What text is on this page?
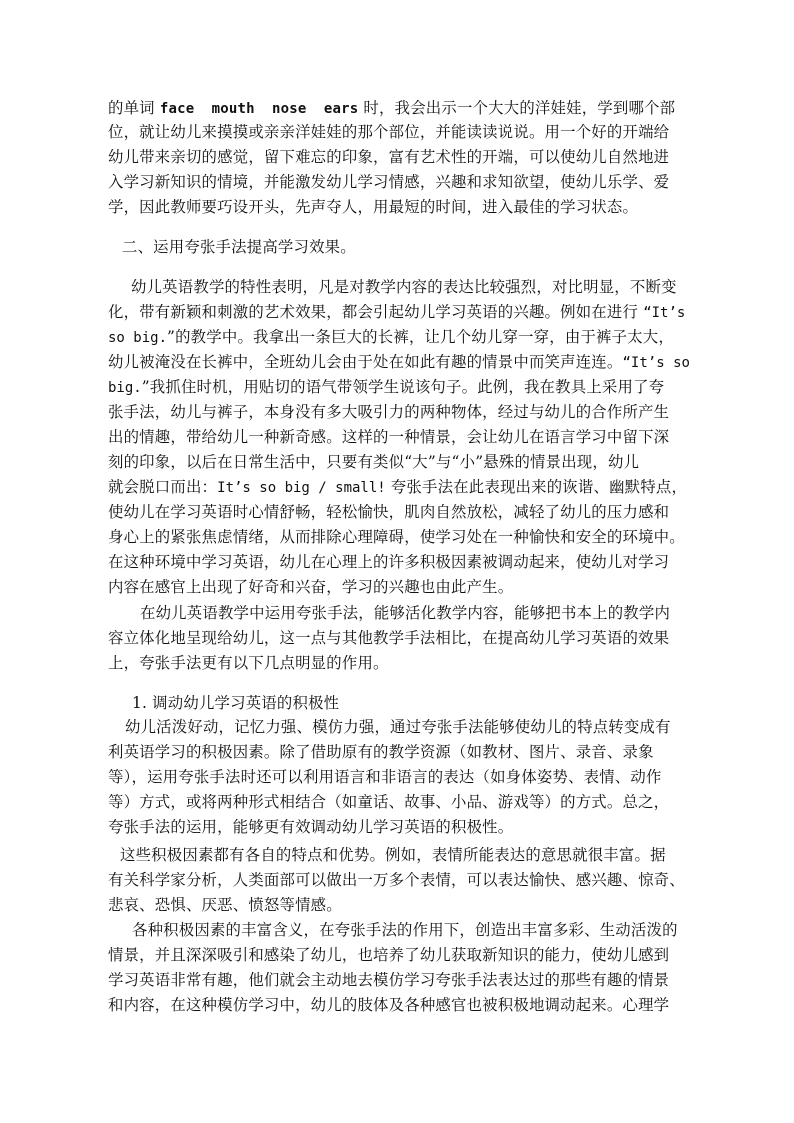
的单词 face  mouth  nose  ears 时，我会出示一个大大的洋娃娃，学到哪个部
位，就让幼儿来摸摸或亲亲洋娃娃的那个部位，并能读读说说。用一个好的开端给
幼儿带来亲切的感觉，留下难忘的印象，富有艺术性的开端，可以使幼儿自然地进
入学习新知识的情境，并能激发幼儿学习情感，兴趣和求知欲望，使幼儿乐学、爱
学，因此教师要巧设开头，先声夺人，用最短的时间，进入最佳的学习状态。
二、运用夸张手法提高学习效果。
幼儿英语教学的特性表明，凡是对教学内容的表达比较强烈，对比明显，不断变
化，带有新颖和刺激的艺术效果，都会引起幼儿学习英语的兴趣。例如在进行 “It’s
so big.”的教学中。我拿出一条巨大的长裤，让几个幼儿穿一穿，由于裤子太大，
幼儿被淹没在长裤中，全班幼儿会由于处在如此有趣的情景中而笑声连连。“It’s so
big.”我抓住时机，用贴切的语气带领学生说该句子。此例，我在教具上采用了夸
张手法，幼儿与裤子，本身没有多大吸引力的两种物体，经过与幼儿的合作所产生
出的情趣，带给幼儿一种新奇感。这样的一种情景，会让幼儿在语言学习中留下深
刻的印象，以后在日常生活中，只要有类似“大”与“小”悬殊的情景出现，幼儿
就会脱口而出：It’s so big / small! 夸张手法在此表现出来的诙谐、幽默特点，
使幼儿在学习英语时心情舒畅，轻松愉快，肌肉自然放松，减轻了幼儿的压力感和
身心上的紧张焦虑情绪，从而排除心理障碍，使学习处在一种愉快和安全的环境中。
在这种环境中学习英语，幼儿在心理上的许多积极因素被调动起来，使幼儿对学习
内容在感官上出现了好奇和兴奋，学习的兴趣也由此产生。
在幼儿英语教学中运用夸张手法，能够活化教学内容，能够把书本上的教学内
容立体化地呈现给幼儿，这一点与其他教学手法相比，在提高幼儿学习英语的效果
上，夸张手法更有以下几点明显的作用。
1. 调动幼儿学习英语的积极性
幼儿活泼好动，记忆力强、模仿力强，通过夸张手法能够使幼儿的特点转变成有
利英语学习的积极因素。除了借助原有的教学资源（如教材、图片、录音、录象
等），运用夸张手法时还可以利用语言和非语言的表达（如身体姿势、表情、动作
等）方式，或将两种形式相结合（如童话、故事、小品、游戏等）的方式。总之，
夸张手法的运用，能够更有效调动幼儿学习英语的积极性。
这些积极因素都有各自的特点和优势。例如，表情所能表达的意思就很丰富。据
有关科学家分析，人类面部可以做出一万多个表情，可以表达愉快、感兴趣、惊奇、
悲哀、恐惧、厌恶、愤怒等情感。
各种积极因素的丰富含义，在夸张手法的作用下，创造出丰富多彩、生动活泼的
情景，并且深深吸引和感染了幼儿，也培养了幼儿获取新知识的能力，使幼儿感到
学习英语非常有趣，他们就会主动地去模仿学习夸张手法表达过的那些有趣的情景
和内容，在这种模仿学习中，幼儿的肢体及各种感官也被积极地调动起来。心理学
